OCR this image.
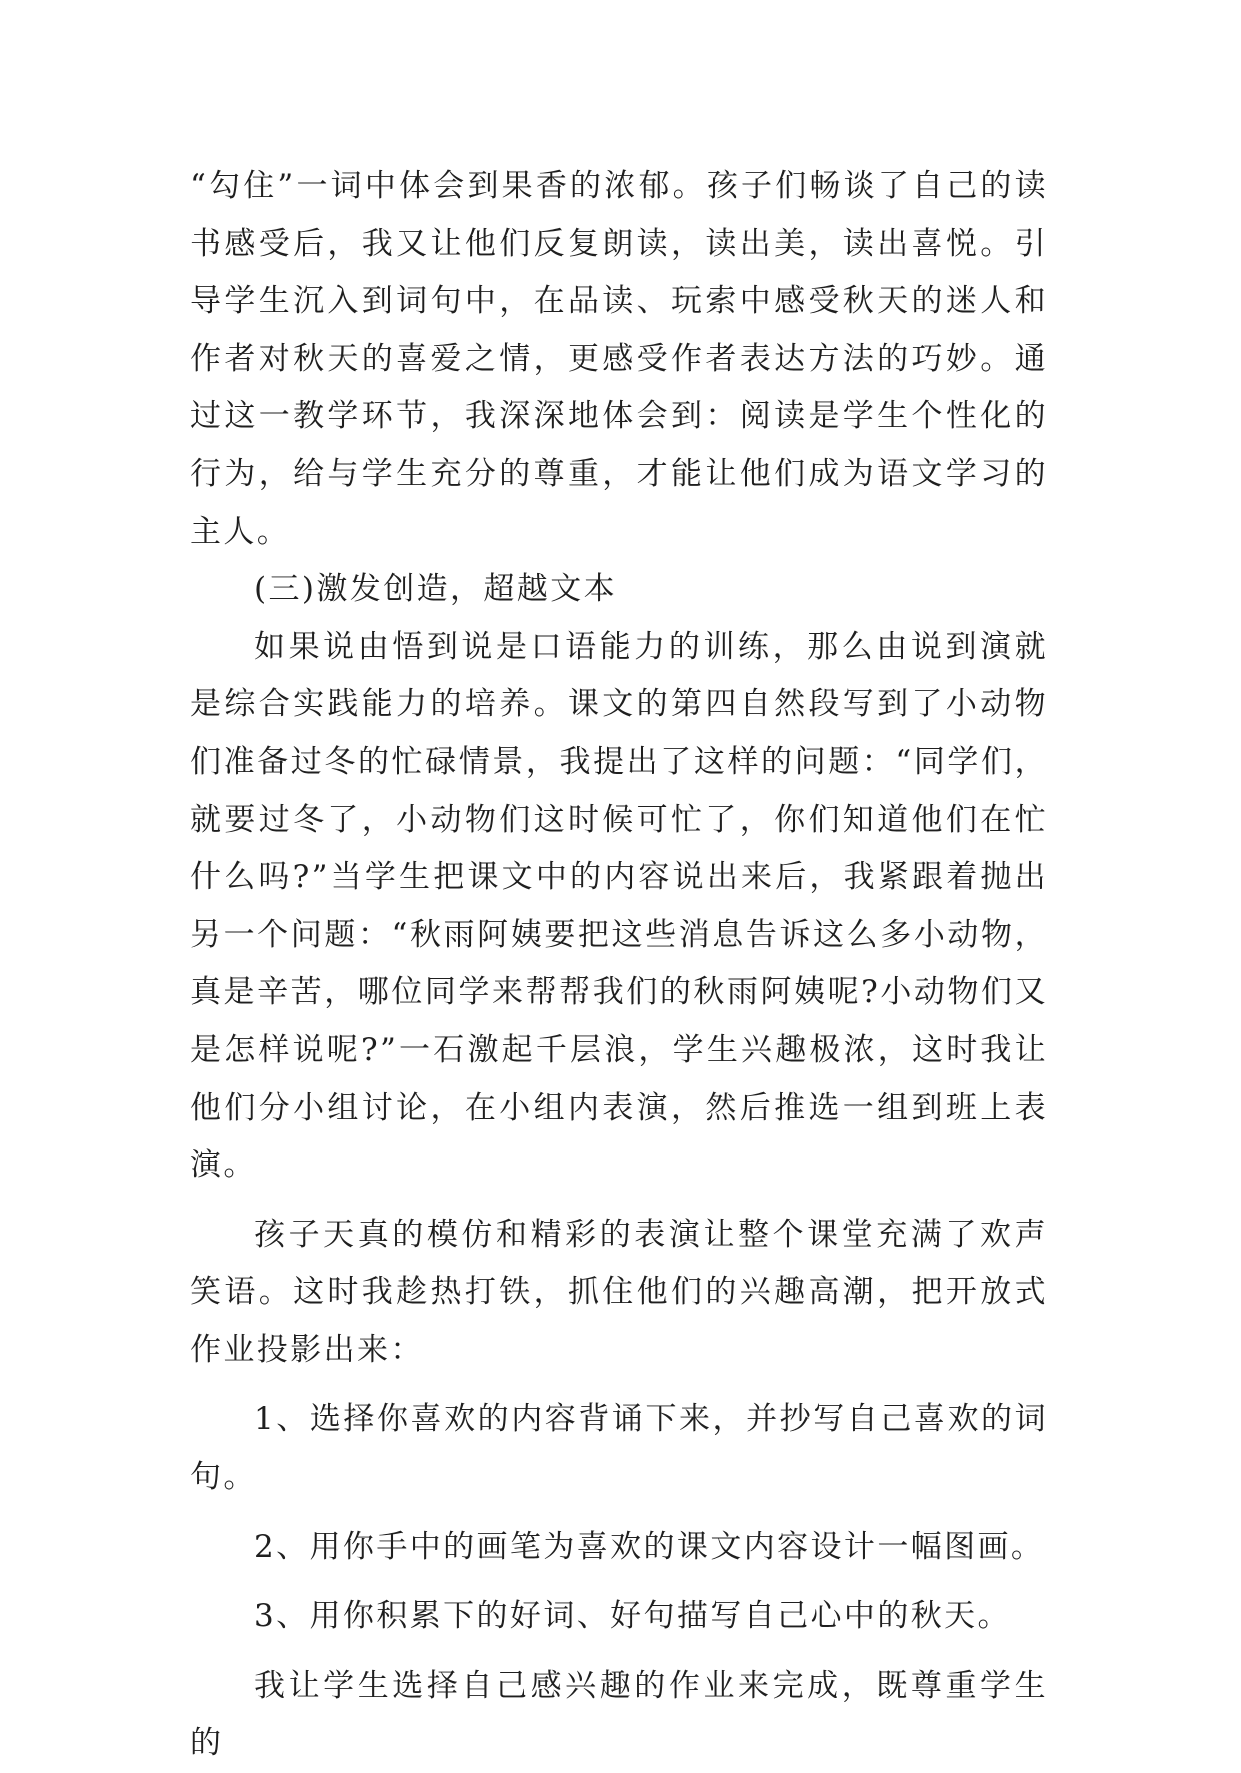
“勾住”一词中体会到果香的浓郁。孩子们畅谈了自己的读书感受后，我又让他们反复朗读，读出美，读出喜悦。引导学生沉入到词句中，在品读、玩索中感受秋天的迷人和作者对秋天的喜爱之情，更感受作者表达方法的巧妙。通过这一教学环节，我深深地体会到：阅读是学生个性化的行为，给与学生充分的尊重，才能让他们成为语文学习的主人。

(三)激发创造，超越文本

如果说由悟到说是口语能力的训练，那么由说到演就是综合实践能力的培养。课文的第四自然段写到了小动物们准备过冬的忙碌情景，我提出了这样的问题：“同学们，就要过冬了，小动物们这时候可忙了，你们知道他们在忙什么吗?”当学生把课文中的内容说出来后，我紧跟着抛出另一个问题：“秋雨阿姨要把这些消息告诉这么多小动物，真是辛苦，哪位同学来帮帮我们的秋雨阿姨呢?小动物们又是怎样说呢?”一石激起千层浪，学生兴趣极浓，这时我让他们分小组讨论，在小组内表演，然后推选一组到班上表演。

孩子天真的模仿和精彩的表演让整个课堂充满了欢声笑语。这时我趁热打铁，抓住他们的兴趣高潮，把开放式作业投影出来：

1、选择你喜欢的内容背诵下来，并抄写自己喜欢的词句。

2、用你手中的画笔为喜欢的课文内容设计一幅图画。

3、用你积累下的好词、好句描写自己心中的秋天。

我让学生选择自己感兴趣的作业来完成，既尊重学生的
